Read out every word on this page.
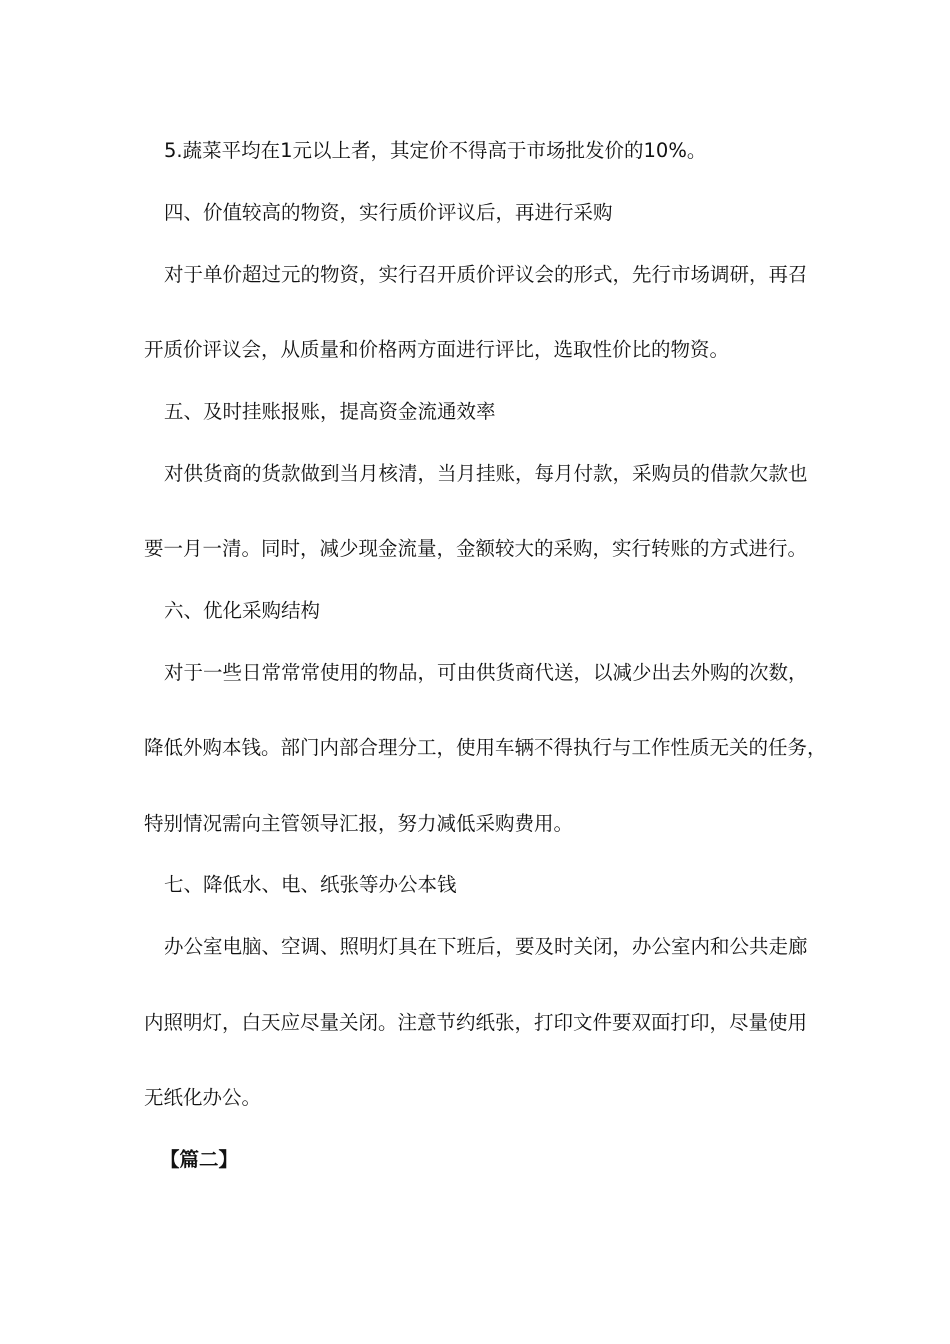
5.蔬菜平均在1元以上者，其定价不得高于市场批发价的10%。
四、价值较高的物资，实行质价评议后，再进行采购
对于单价超过元的物资，实行召开质价评议会的形式，先行市场调研，再召
开质价评议会，从质量和价格两方面进行评比，选取性价比的物资。
五、及时挂账报账，提高资金流通效率
对供货商的货款做到当月核清，当月挂账，每月付款，采购员的借款欠款也
要一月一清。同时，减少现金流量，金额较大的采购，实行转账的方式进行。
六、优化采购结构
对于一些日常常常使用的物品，可由供货商代送，以减少出去外购的次数，
降低外购本钱。部门内部合理分工，使用车辆不得执行与工作性质无关的任务，
特别情况需向主管领导汇报，努力减低采购费用。
七、降低水、电、纸张等办公本钱
办公室电脑、空调、照明灯具在下班后，要及时关闭，办公室内和公共走廊
内照明灯，白天应尽量关闭。注意节约纸张，打印文件要双面打印，尽量使用
无纸化办公。
【篇二】
